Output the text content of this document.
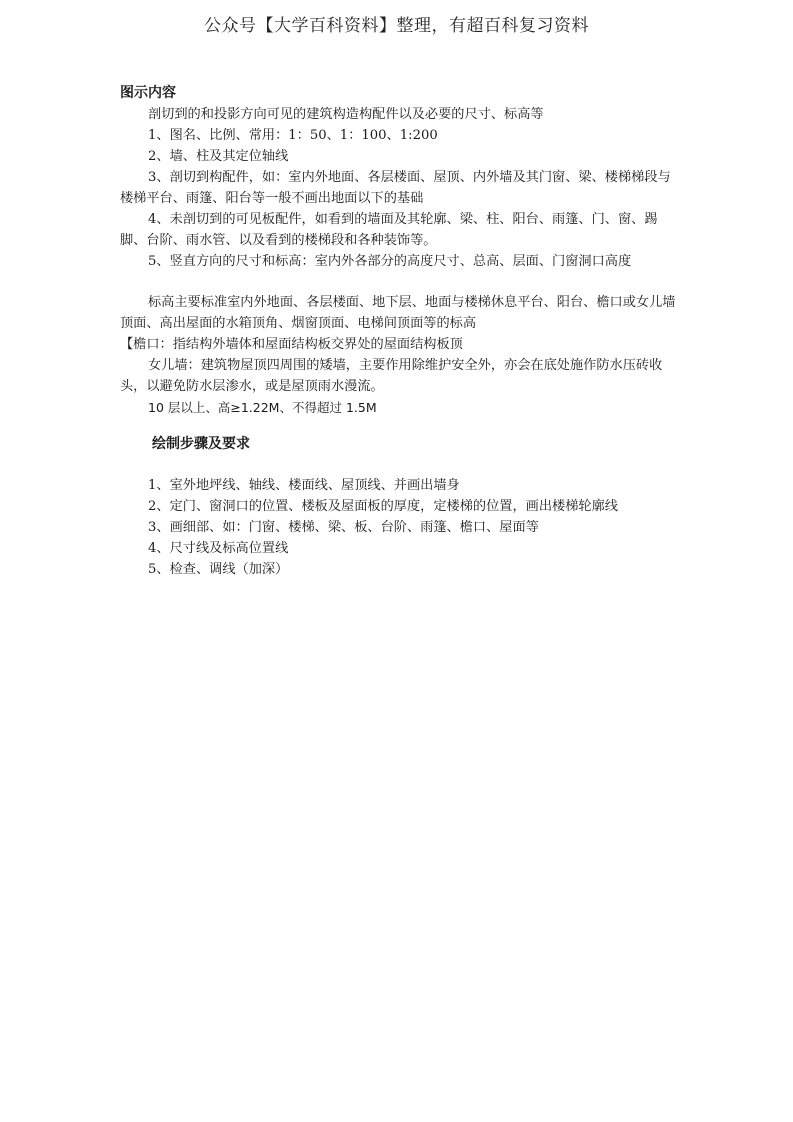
公众号【大学百科资料】整理，有超百科复习资料
图示内容

剖切到的和投影方向可见的建筑构造构配件以及必要的尺寸、标高等

1、图名、比例、常用：1：50、1：100、1:200

2、墙、柱及其定位轴线

3、剖切到构配件，如：室内外地面、各层楼面、屋顶、内外墙及其门窗、梁、楼梯梯段与楼梯平台、雨篷、阳台等一般不画出地面以下的基础

4、未剖切到的可见板配件，如看到的墙面及其轮廓、梁、柱、阳台、雨篷、门、窗、踢脚、台阶、雨水管、以及看到的楼梯段和各种装饰等。

5、竖直方向的尺寸和标高：室内外各部分的高度尺寸、总高、层面、门窗洞口高度

标高主要标准室内外地面、各层楼面、地下层、地面与楼梯休息平台、阳台、檐口或女儿墙顶面、高出屋面的水箱顶角、烟窗顶面、电梯间顶面等的标高

【檐口：指结构外墙体和屋面结构板交界处的屋面结构板顶

女儿墙：建筑物屋顶四周围的矮墙，主要作用除维护安全外，亦会在底处施作防水压砖收头，以避免防水层渗水，或是屋顶雨水漫流。

10 层以上、高≥1.22M、不得超过 1.5M

绘制步骤及要求

1、室外地坪线、轴线、楼面线、屋顶线、并画出墙身

2、定门、窗洞口的位置、楼板及屋面板的厚度，定楼梯的位置，画出楼梯轮廓线

3、画细部、如：门窗、楼梯、梁、板、台阶、雨篷、檐口、屋面等

4、尺寸线及标高位置线

5、检查、调线（加深）
